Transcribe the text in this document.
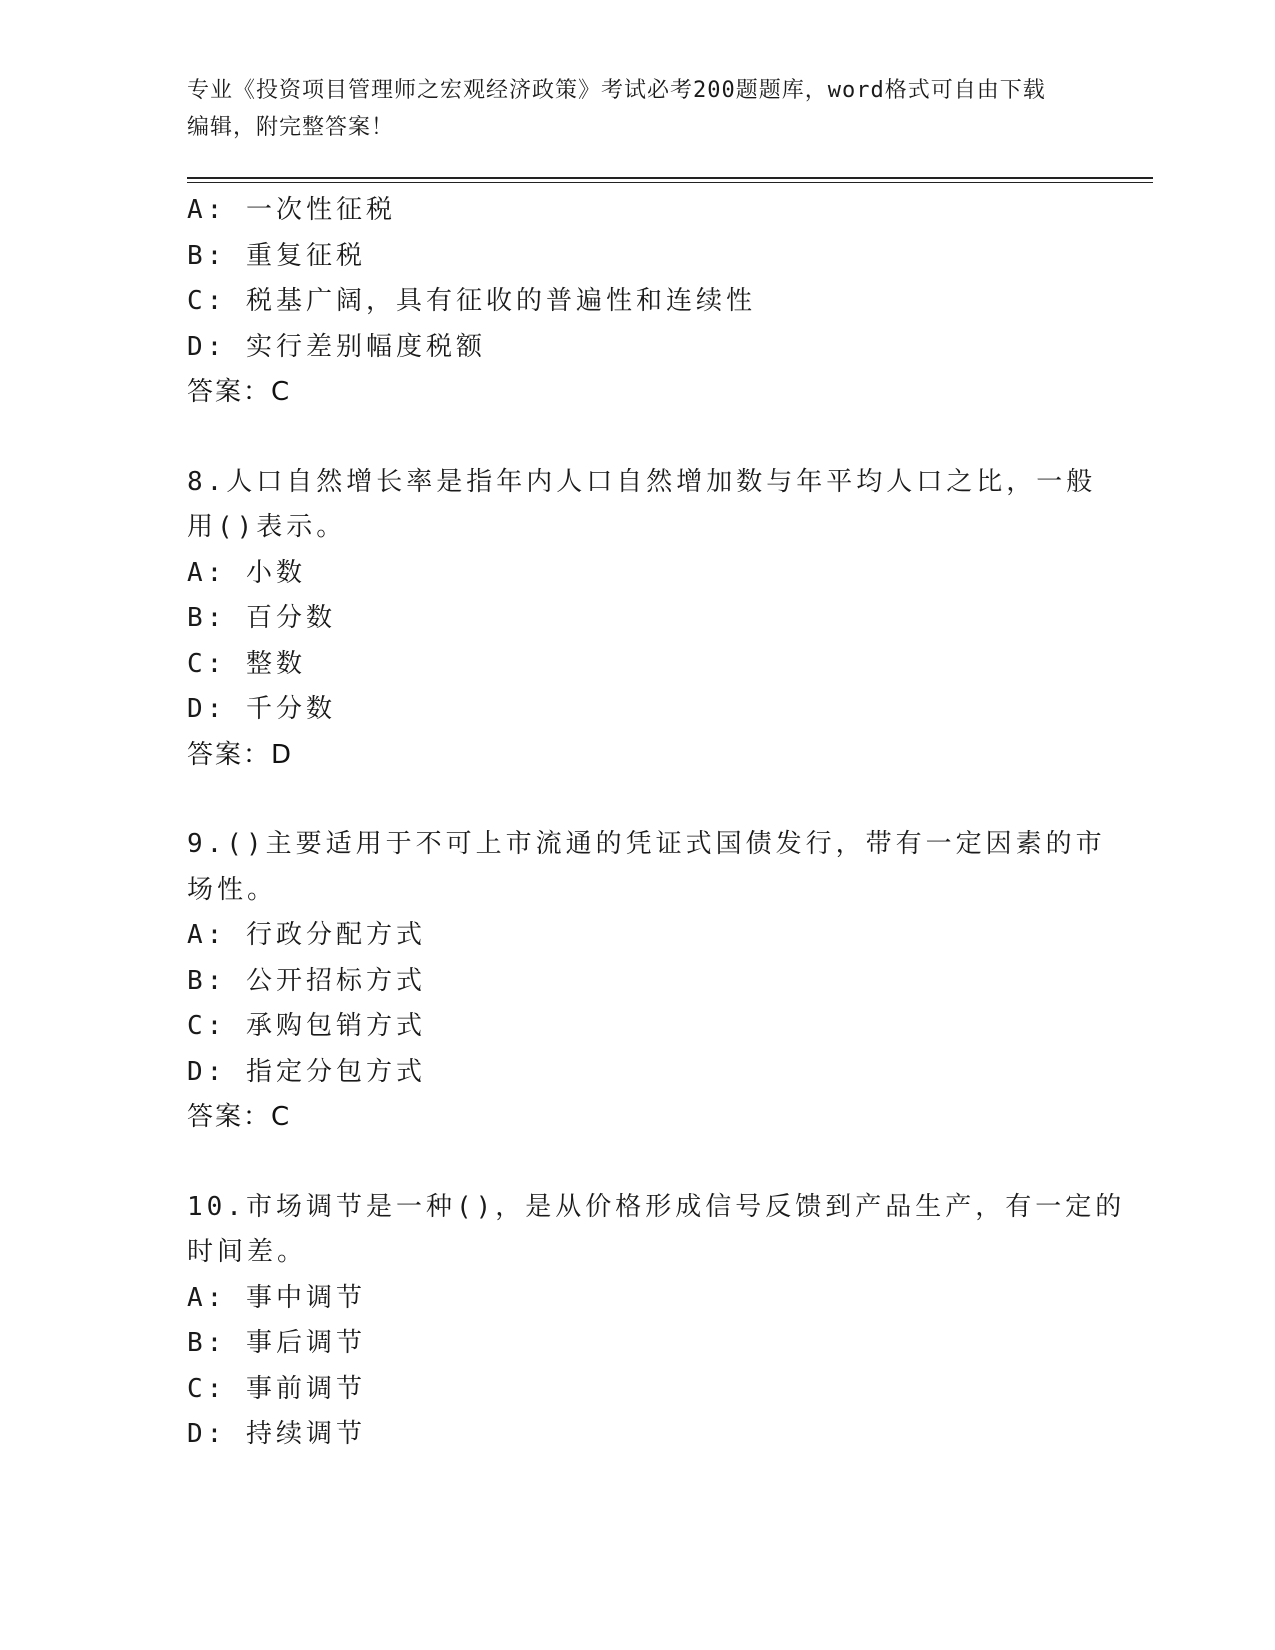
专业《投资项目管理师之宏观经济政策》考试必考200题题库，word格式可自由下载编辑，附完整答案！
A: 一次性征税
B: 重复征税
C: 税基广阔，具有征收的普遍性和连续性
D: 实行差别幅度税额
答案：C
8.人口自然增长率是指年内人口自然增加数与年平均人口之比，一般
用()表示。
A: 小数
B: 百分数
C: 整数
D: 千分数
答案：D
9.()主要适用于不可上市流通的凭证式国债发行，带有一定因素的市
场性。
A: 行政分配方式
B: 公开招标方式
C: 承购包销方式
D: 指定分包方式
答案：C
10.市场调节是一种()，是从价格形成信号反馈到产品生产，有一定的
时间差。
A: 事中调节
B: 事后调节
C: 事前调节
D: 持续调节
